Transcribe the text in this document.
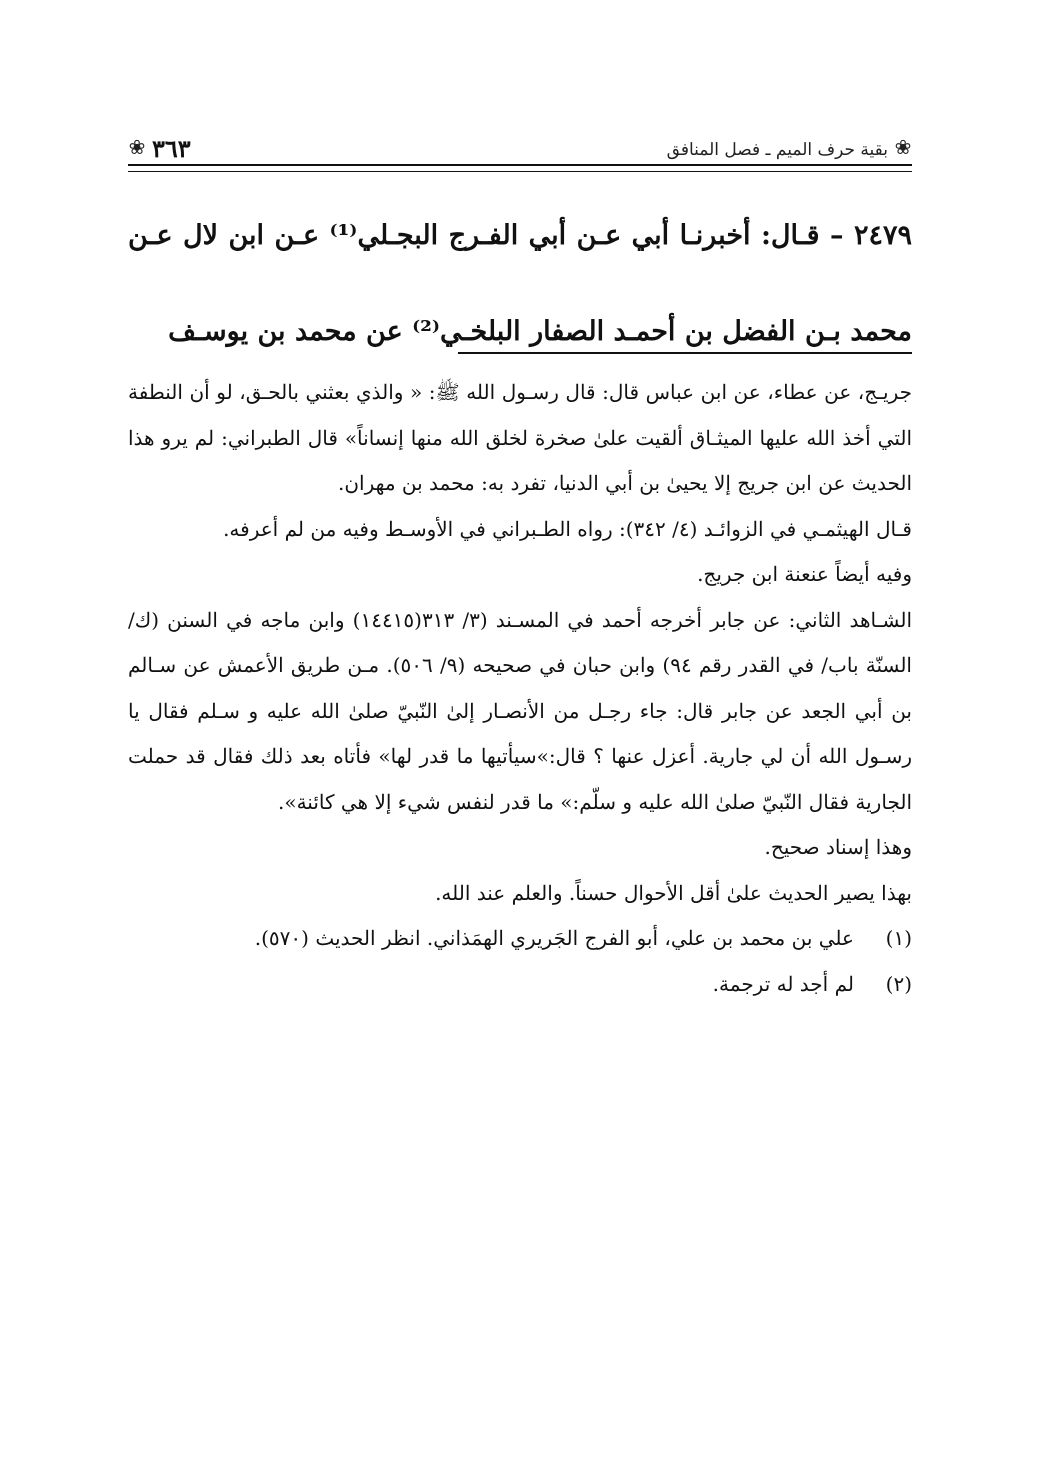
❀
بقية حرف الميم ـ فصل المنافق
٣٦٣
❀

٢٤٧٩ – قـال: أخبرنـا أبي عـن أبي الفـرج البجـلي⁽¹⁾ عـن ابن لال عـن محمد بـن الفضل بن أحمـد الصفار البلخـي⁽²⁾ عن محمد بن يوسـف

جريـج، عن عطاء، عن ابن عباس قال: قال رسـول الله ﷺ: « والذي بعثني بالحـق، لو أن النطفة التي أخذ الله عليها الميثـاق ألقيت علىٰ صخرة لخلق الله منها إنساناً» قال الطبراني: لم يرو هذا الحديث عن ابن جريج إلا يحيىٰ بن أبي الدنيا، تفرد به: محمد بن مهران.

قـال الهيثمـي في الزوائـد (٤/ ٣٤٢): رواه الطـبراني في الأوسـط وفيه من لم أعرفه.

وفيه أيضاً عنعنة ابن جريج.

الشـاهد الثاني: عن جابر أخرجه أحمد في المسـند (٣/ ٣١٣(١٤٤١٥) وابن ماجه في السنن (ك/ السنّة باب/ في القدر رقم ٩٤) وابن حبان في صحيحه (٩/ ٥٠٦). مـن طريق الأعمش عن سـالم بن أبي الجعد عن جابر قال: جاء رجـل من الأنصـار إلىٰ النّبيّ صلىٰ الله عليه و سـلم فقال يا رسـول الله أن لي جارية. أعزل عنها ؟ قال:»سيأتيها ما قدر لها» فأتاه بعد ذلك فقال قد حملت الجارية فقال النّبيّ صلىٰ الله عليه و سلّم:» ما قدر لنفس شيء إلا هي كائنة».

وهذا إسناد صحيح.

بهذا يصير الحديث علىٰ أقل الأحوال حسناً. والعلم عند الله.

(١)
علي بن محمد بن علي، أبو الفرج الجَريري الهمَذاني. انظر الحديث (٥٧٠).
(٢)
لم أجد له ترجمة.
